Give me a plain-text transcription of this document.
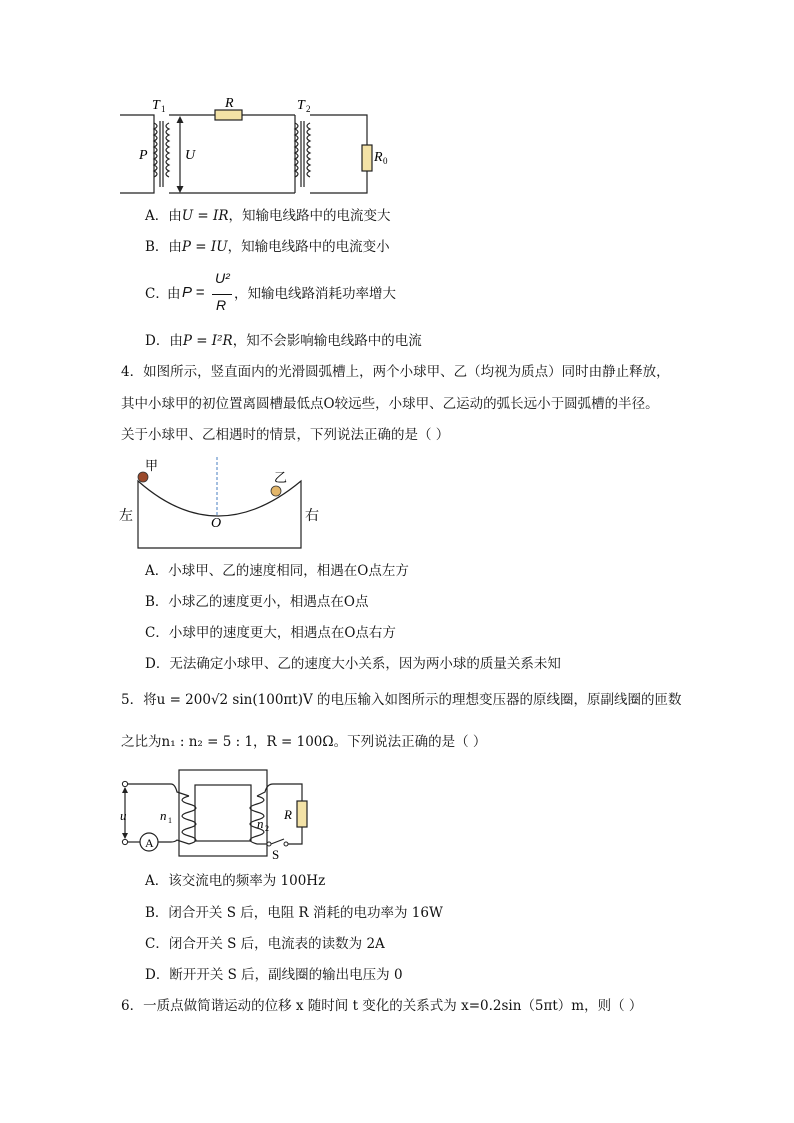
T 1	R	T 2
P	U	R 0
A．由U = IR，知输电线路中的电流变大
B．由P = IU，知输电线路中的电流变小
C．
由 P =
U²
R
，知输电线路消耗功率增大
D．由P = I²R，知不会影响输电线路中的电流
4．如图所示，竖直面内的光滑圆弧槽上，两个小球甲、乙（均视为质点）同时由静止释放，
其中小球甲的初位置离圆槽最低点O较远些，小球甲、乙运动的弧长远小于圆弧槽的半径。
关于小球甲、乙相遇时的情景，下列说法正确的是（ ）
甲
乙
左	右
O
A．小球甲、乙的速度相同，相遇在O点左方
B．小球乙的速度更小，相遇点在O点
C．小球甲的速度更大，相遇点在O点右方
D．无法确定小球甲、乙的速度大小关系，因为两小球的质量关系未知
5．将u = 200√2 sin(100πt)V 的电压输入如图所示的理想变压器的原线圈，原副线圈的匝数
之比为n₁ : n₂ = 5 : 1，R = 100Ω。下列说法正确的是（ ）
A
u	n 1	n 2
R
S
A．该交流电的频率为 100Hz
B．闭合开关 S 后，电阻 R 消耗的电功率为 16W
C．闭合开关 S 后，电流表的读数为 2A
D．断开开关 S 后，副线圈的输出电压为 0
6．一质点做简谐运动的位移 x 随时间 t 变化的关系式为 x=0.2sin（5πt）m，则（ ）
